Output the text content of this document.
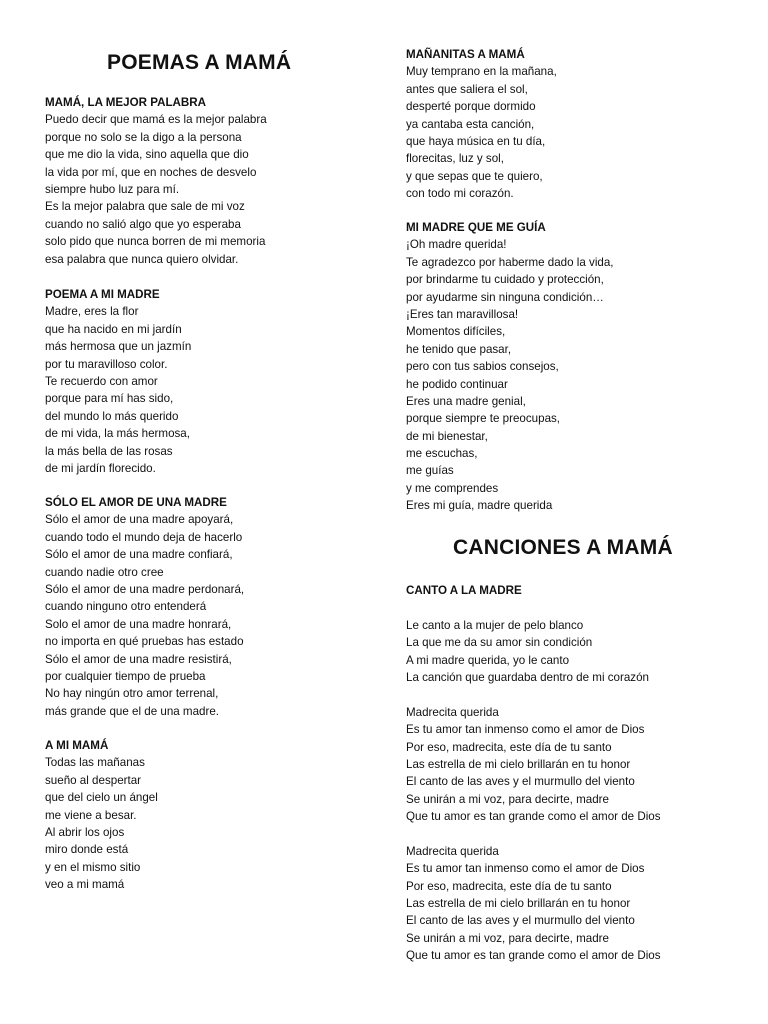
POEMAS A MAMÁ
MAMÁ, LA MEJOR PALABRA
Puedo decir que mamá es la mejor palabra
porque no solo se la digo a la persona
que me dio la vida, sino aquella que dio
la vida por mí, que en noches de desvelo
siempre hubo luz para mí.
Es la mejor palabra que sale de mi voz
cuando no salió algo que yo esperaba
solo pido que nunca borren de mi memoria
esa palabra que nunca quiero olvidar.
POEMA A MI MADRE
Madre, eres la flor
que ha nacido en mi jardín
más hermosa que un jazmín
por tu maravilloso color.
Te recuerdo con amor
porque para mí has sido,
del mundo lo más querido
de mi vida, la más hermosa,
la más bella de las rosas
de mi jardín florecido.
SÓLO EL AMOR DE UNA MADRE
Sólo el amor de una madre apoyará,
cuando todo el mundo deja de hacerlo
Sólo el amor de una madre confiará,
cuando nadie otro cree
Sólo el amor de una madre perdonará,
cuando ninguno otro entenderá
Solo el amor de una madre honrará,
no importa en qué pruebas has estado
Sólo el amor de una madre resistirá,
por cualquier tiempo de prueba
No hay ningún otro amor terrenal,
más grande que el de una madre.
A MI MAMÁ
Todas las mañanas
sueño al despertar
que del cielo un ángel
me viene a besar.
Al abrir los ojos
miro donde está
y en el mismo sitio
veo a mi mamá
MAÑANITAS A MAMÁ
Muy temprano en la mañana,
antes que saliera el sol,
desperté porque dormido
ya cantaba esta canción,
que haya música en tu día,
florecitas, luz y sol,
y que sepas que te quiero,
con todo mi corazón.
MI MADRE QUE ME GUÍA
¡Oh madre querida!
Te agradezco por haberme dado la vida,
por brindarme tu cuidado y protección,
por ayudarme sin ninguna condición…
¡Eres tan maravillosa!
Momentos difíciles,
he tenido que pasar,
pero con tus sabios consejos,
he podido continuar
Eres una madre genial,
porque siempre te preocupas,
de mi bienestar,
me escuchas,
me guías
y me comprendes
Eres mi guía, madre querida
CANCIONES A MAMÁ
CANTO A LA MADRE
Le canto a la mujer de pelo blanco
La que me da su amor sin condición
A mi madre querida, yo le canto
La canción que guardaba dentro de mi corazón
Madrecita querida
Es tu amor tan inmenso como el amor de Dios
Por eso, madrecita, este día de tu santo
Las estrella de mi cielo brillarán en tu honor
El canto de las aves y el murmullo del viento
Se unirán a mi voz, para decirte, madre
Que tu amor es tan grande como el amor de Dios
Madrecita querida
Es tu amor tan inmenso como el amor de Dios
Por eso, madrecita, este día de tu santo
Las estrella de mi cielo brillarán en tu honor
El canto de las aves y el murmullo del viento
Se unirán a mi voz, para decirte, madre
Que tu amor es tan grande como el amor de Dios
